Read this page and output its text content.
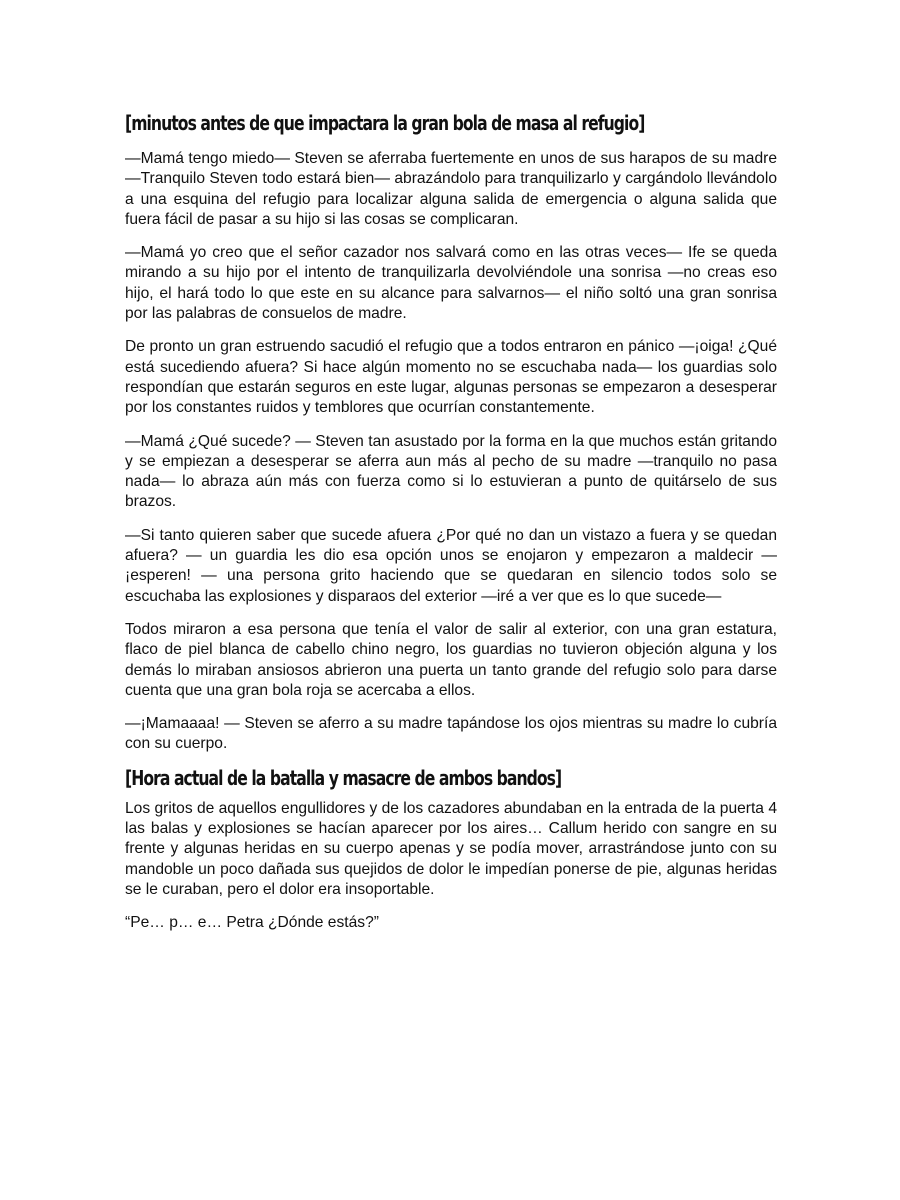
[minutos antes de que impactara la gran bola de masa al refugio]

—Mamá tengo miedo— Steven se aferraba fuertemente en unos de sus harapos de su madre —Tranquilo Steven todo estará bien— abrazándolo para tranquilizarlo y cargándolo llevándolo a una esquina del refugio para localizar alguna salida de emergencia o alguna salida que fuera fácil de pasar a su hijo si las cosas se complicaran.

—Mamá yo creo que el señor cazador nos salvará como en las otras veces— Ife se queda mirando a su hijo por el intento de tranquilizarla devolviéndole una sonrisa —no creas eso hijo, el hará todo lo que este en su alcance para salvarnos— el niño soltó una gran sonrisa por las palabras de consuelos de madre.

De pronto un gran estruendo sacudió el refugio que a todos entraron en pánico —¡oiga! ¿Qué está sucediendo afuera? Si hace algún momento no se escuchaba nada— los guardias solo respondían que estarán seguros en este lugar, algunas personas se empezaron a desesperar por los constantes ruidos y temblores que ocurrían constantemente.

—Mamá ¿Qué sucede? — Steven tan asustado por la forma en la que muchos están gritando y se empiezan a desesperar se aferra aun más al pecho de su madre —tranquilo no pasa nada— lo abraza aún más con fuerza como si lo estuvieran a punto de quitárselo de sus brazos.

—Si tanto quieren saber que sucede afuera ¿Por qué no dan un vistazo a fuera y se quedan afuera? — un guardia les dio esa opción unos se enojaron y empezaron a maldecir —¡esperen! — una persona grito haciendo que se quedaran en silencio todos solo se escuchaba las explosiones y disparaos del exterior —iré a ver que es lo que sucede—

Todos miraron a esa persona que tenía el valor de salir al exterior, con una gran estatura, flaco de piel blanca de cabello chino negro, los guardias no tuvieron objeción alguna y los demás lo miraban ansiosos abrieron una puerta un tanto grande del refugio solo para darse cuenta que una gran bola roja se acercaba a ellos.

—¡Mamaaaa! — Steven se aferro a su madre tapándose los ojos mientras su madre lo cubría con su cuerpo.

[Hora actual de la batalla y masacre de ambos bandos]

Los gritos de aquellos engullidores y de los cazadores abundaban en la entrada de la puerta 4 las balas y explosiones se hacían aparecer por los aires… Callum herido con sangre en su frente y algunas heridas en su cuerpo apenas y se podía mover, arrastrándose junto con su mandoble un poco dañada sus quejidos de dolor le impedían ponerse de pie, algunas heridas se le curaban, pero el dolor era insoportable.

“Pe… p… e… Petra ¿Dónde estás?”
